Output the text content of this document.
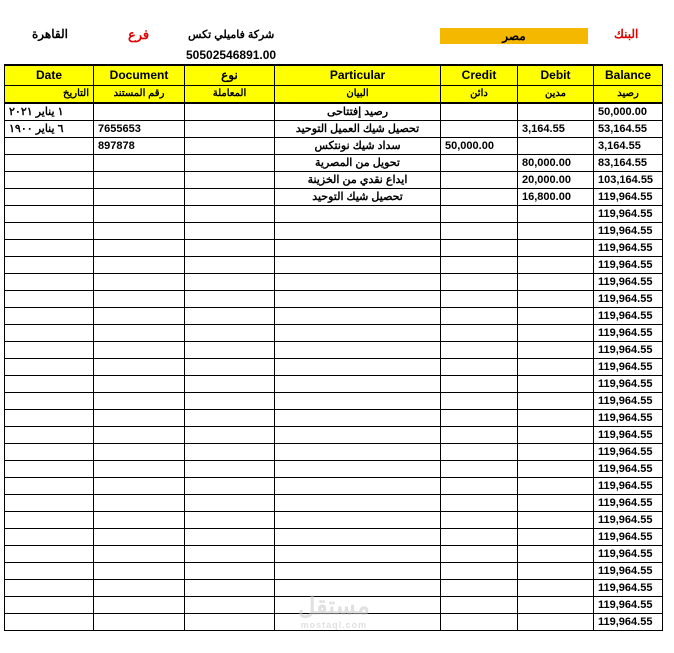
القاهرة	فرع	شركة فاميلي تكس
50502546891.00
مصر	البنك
Date	Document	نوع	Particular	Credit	Debit	Balance
التاريخ	رقم المستند	المعاملة	البيان	دائن	مدين	رصيد
١ يناير ٢٠٢١			رصيد إفتتاحى			50,000.00
٦ يناير ١٩٠٠	7655653		تحصيل شيك العميل التوحيد		3,164.55	53,164.55
	897878		سداد شيك نونتكس	50,000.00		3,164.55
			تحويل من المصرية		80,000.00	83,164.55
			ايداع نقدي من الخزينة		20,000.00	103,164.55
			تحصيل شيك التوحيد		16,800.00	119,964.55
						119,964.55
						119,964.55
						119,964.55
						119,964.55
						119,964.55
						119,964.55
						119,964.55
						119,964.55
						119,964.55
						119,964.55
						119,964.55
						119,964.55
						119,964.55
						119,964.55
						119,964.55
						119,964.55
						119,964.55
						119,964.55
						119,964.55
						119,964.55
						119,964.55
						119,964.55
						119,964.55
						119,964.55
						119,964.55
مستقل
mostaql.com
